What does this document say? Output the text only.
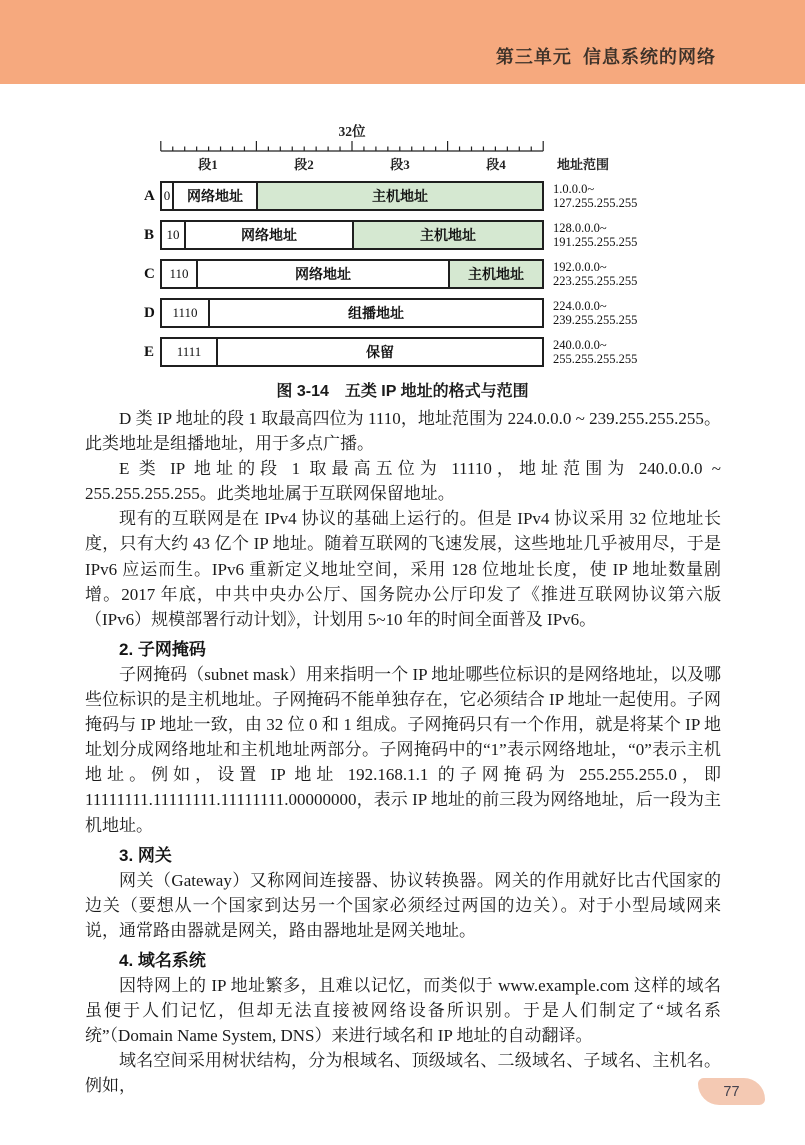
第三单元 信息系统的网络
32位
段1	段2	段3	段4	地址范围
A 0	网络地址	主机地址
1.0.0.0~
127.255.255.255
B 10	网络地址	主机地址
128.0.0.0~
191.255.255.255
C	110	网络地址	主机地址
192.0.0.0~
223.255.255.255
D	1110	组播地址
224.0.0.0~
239.255.255.255
E	1111	保留
240.0.0.0~
255.255.255.255
图 3-14　五类 IP 地址的格式与范围

D 类 IP 地址的段 1 取最高四位为 1110，地址范围为 224.0.0.0 ~ 239.255.255.255。此类地址是组播地址，用于多点广播。

E 类 IP 地址的段 1 取最高五位为 11110，地址范围为 240.0.0.0 ~ 255.255.255.255。此类地址属于互联网保留地址。

现有的互联网是在 IPv4 协议的基础上运行的。但是 IPv4 协议采用 32 位地址长度，只有大约 43 亿个 IP 地址。随着互联网的飞速发展，这些地址几乎被用尽，于是 IPv6 应运而生。IPv6 重新定义地址空间，采用 128 位地址长度，使 IP 地址数量剧增。2017 年底，中共中央办公厅、国务院办公厅印发了《推进互联网协议第六版（IPv6）规模部署行动计划》，计划用 5~10 年的时间全面普及 IPv6。

2. 子网掩码

子网掩码（subnet mask）用来指明一个 IP 地址哪些位标识的是网络地址，以及哪些位标识的是主机地址。子网掩码不能单独存在，它必须结合 IP 地址一起使用。子网掩码与 IP 地址一致，由 32 位 0 和 1 组成。子网掩码只有一个作用，就是将某个 IP 地址划分成网络地址和主机地址两部分。子网掩码中的“1”表示网络地址，“0”表示主机地址。例如，设置 IP 地址 192.168.1.1 的子网掩码为 255.255.255.0，即 11111111.11111111.11111111.00000000，表示 IP 地址的前三段为网络地址，后一段为主机地址。

3. 网关

网关（Gateway）又称网间连接器、协议转换器。网关的作用就好比古代国家的边关（要想从一个国家到达另一个国家必须经过两国的边关）。对于小型局域网来说，通常路由器就是网关，路由器地址是网关地址。

4. 域名系统

因特网上的 IP 地址繁多，且难以记忆，而类似于 www.example.com 这样的域名虽便于人们记忆，但却无法直接被网络设备所识别。于是人们制定了“域名系统”（Domain Name System, DNS）来进行域名和 IP 地址的自动翻译。

域名空间采用树状结构，分为根域名、顶级域名、二级域名、子域名、主机名。例如，	77
